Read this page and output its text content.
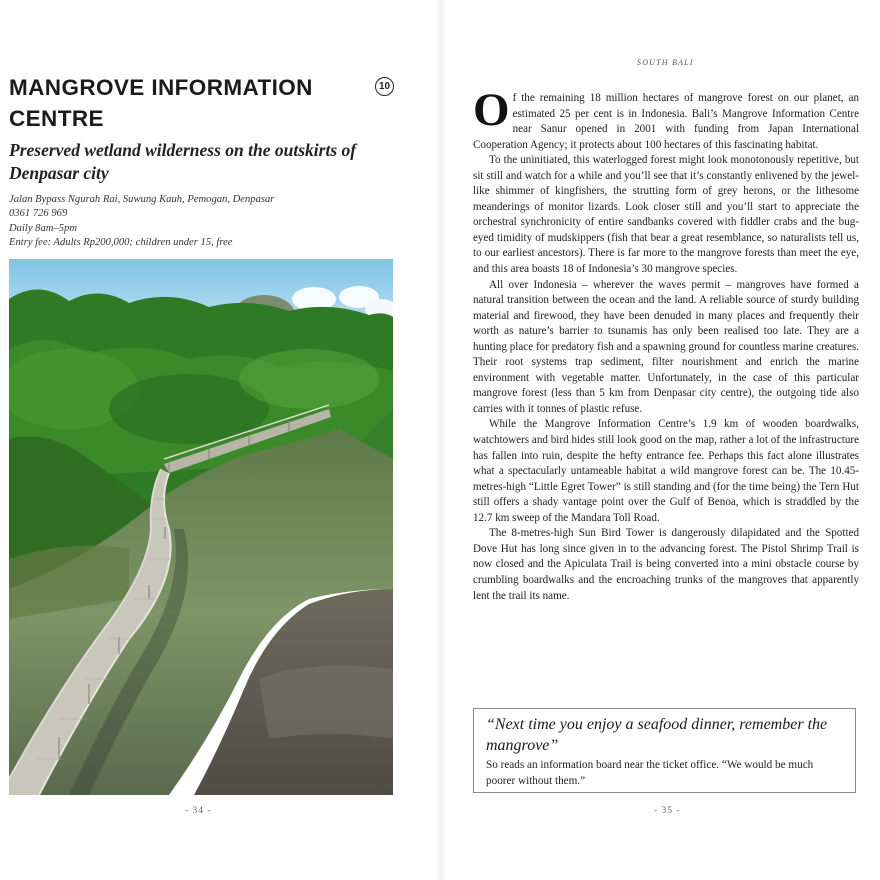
MANGROVE INFORMATION CENTRE
10
Preserved wetland wilderness on the outskirts of Denpasar city
Jalan Bypass Ngurah Rai, Suwung Kauh, Pemogan, Denpasar
0361 726 969
Daily 8am–5pm
Entry fee: Adults Rp200,000; children under 15, free
- 34 -
SOUTH BALI

Of the remaining 18 million hectares of mangrove forest on our planet, an estimated 25 per cent is in Indonesia. Bali’s Mangrove Information Centre near Sanur opened in 2001 with funding from Japan International Cooperation Agency; it protects about 100 hectares of this fascinating habitat.

To the uninitiated, this waterlogged forest might look monotonously repetitive, but sit still and watch for a while and you’ll see that it’s constantly enlivened by the jewel-like shimmer of kingfishers, the strutting form of grey herons, or the lithesome meanderings of monitor lizards. Look closer still and you’ll start to appreciate the orchestral synchronicity of entire sandbanks covered with fiddler crabs and the bug-eyed timidity of mudskippers (fish that bear a great resemblance, so naturalists tell us, to our earliest ancestors). There is far more to the mangrove forests than meet the eye, and this area boasts 18 of Indonesia’s 30 mangrove species.

All over Indonesia – wherever the waves permit – mangroves have formed a natural transition between the ocean and the land. A reliable source of sturdy building material and firewood, they have been denuded in many places and frequently their worth as nature’s barrier to tsunamis has only been realised too late. They are a hunting place for predatory fish and a spawning ground for countless marine creatures. Their root systems trap sediment, filter nourishment and enrich the marine environment with vegetable matter. Unfortunately, in the case of this particular mangrove forest (less than 5 km from Denpasar city centre), the outgoing tide also carries with it tonnes of plastic refuse.

While the Mangrove Information Centre’s 1.9 km of wooden boardwalks, watchtowers and bird hides still look good on the map, rather a lot of the infrastructure has fallen into ruin, despite the hefty entrance fee. Perhaps this fact alone illustrates what a spectacularly untameable habitat a wild mangrove forest can be. The 10.45-metres-high “Little Egret Tower” is still standing and (for the time being) the Tern Hut still offers a shady vantage point over the Gulf of Benoa, which is straddled by the 12.7 km sweep of the Mandara Toll Road.

The 8-metres-high Sun Bird Tower is dangerously dilapidated and the Spotted Dove Hut has long since given in to the advancing forest. The Pistol Shrimp Trail is now closed and the Apiculata Trail is being converted into a mini obstacle course by crumbling boardwalks and the encroaching trunks of the mangroves that apparently lent the trail its name.

“Next time you enjoy a seafood dinner, remember the mangrove”

So reads an information board near the ticket office. “We would be much poorer without them.”
- 35 -
